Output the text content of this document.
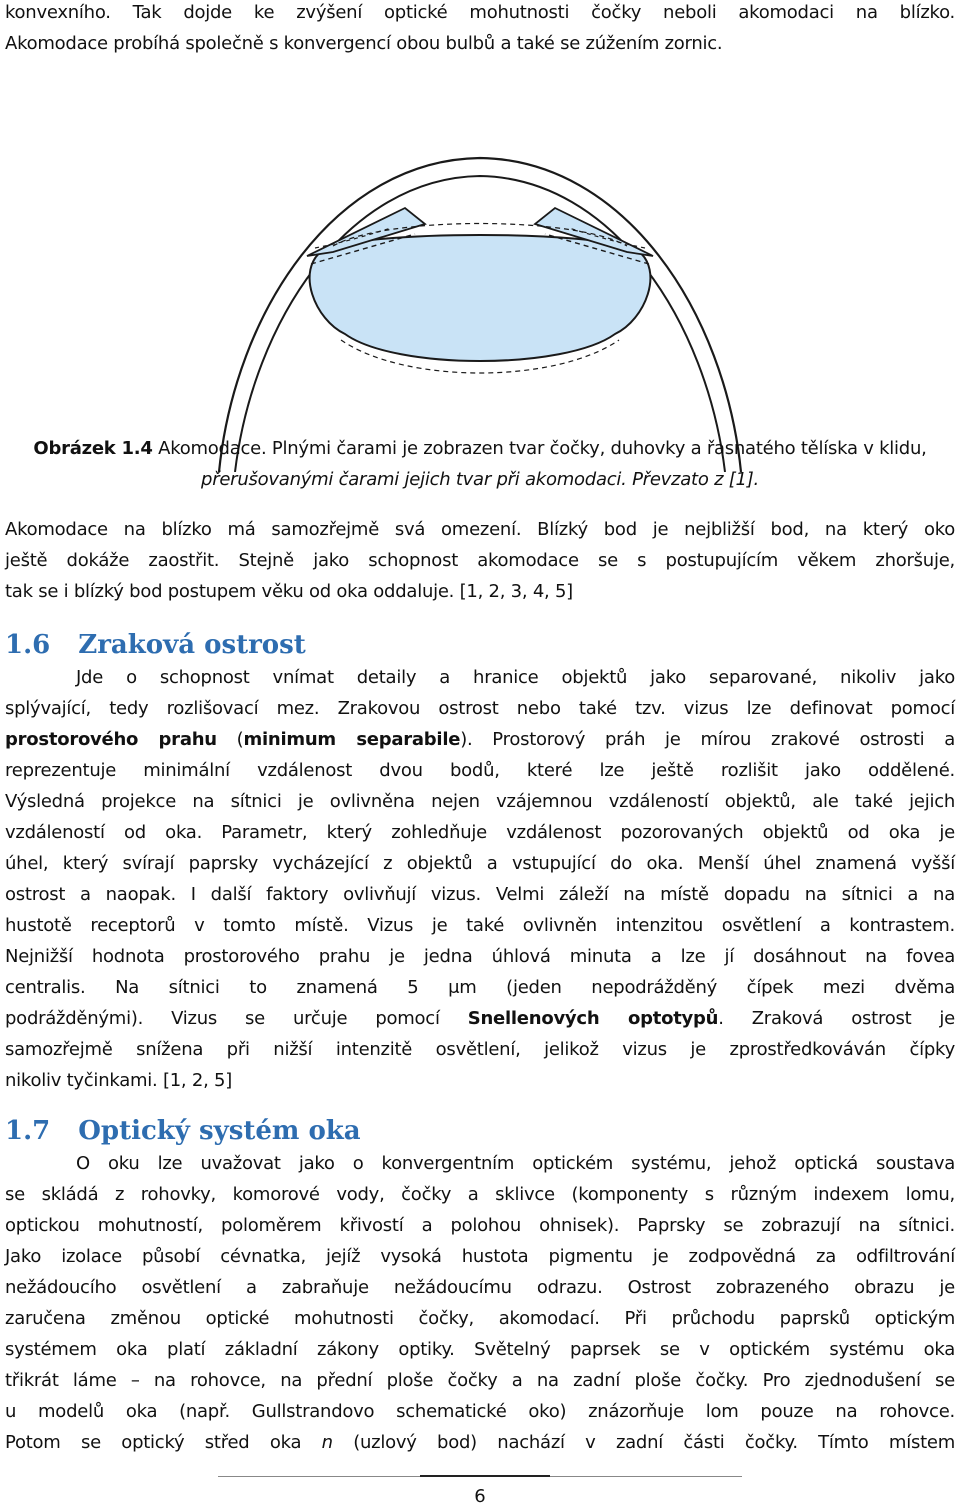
konvexního. Tak dojde ke zvýšení optické mohutnosti čočky neboli akomodaci na blízko.
Akomodace probíhá společně s konvergencí obou bulbů a také se zúžením zornic.
Obrázek 1.4 Akomodace. Plnými čarami je zobrazen tvar čočky, duhovky a řasnatého tělíska v klidu,
přerušovanými čarami jejich tvar při akomodaci. Převzato z [1].
Akomodace na blízko má samozřejmě svá omezení. Blízký bod je nejbližší bod, na který oko
ještě dokáže zaostřit. Stejně jako schopnost akomodace se s postupujícím věkem zhoršuje,
tak se i blízký bod postupem věku od oka oddaluje. [1, 2, 3, 4, 5]
1.6 Zraková ostrost
Jde o schopnost vnímat detaily a hranice objektů jako separované, nikoliv jako
splývající, tedy rozlišovací mez. Zrakovou ostrost nebo také tzv. vizus lze definovat pomocí
prostorového prahu (minimum separabile). Prostorový práh je mírou zrakové ostrosti a
reprezentuje minimální vzdálenost dvou bodů, které lze ještě rozlišit jako oddělené.
Výsledná projekce na sítnici je ovlivněna nejen vzájemnou vzdáleností objektů, ale také jejich
vzdáleností od oka. Parametr, který zohledňuje vzdálenost pozorovaných objektů od oka je
úhel, který svírají paprsky vycházející z objektů a vstupující do oka. Menší úhel znamená vyšší
ostrost a naopak. I další faktory ovlivňují vizus. Velmi záleží na místě dopadu na sítnici a na
hustotě receptorů v tomto místě. Vizus je také ovlivněn intenzitou osvětlení a kontrastem.
Nejnižší hodnota prostorového prahu je jedna úhlová minuta a lze jí dosáhnout na fovea
centralis. Na sítnici to znamená 5 μm (jeden nepodrážděný čípek mezi dvěma
podrážděnými). Vizus se určuje pomocí Snellenových optotypů. Zraková ostrost je
samozřejmě snížena při nižší intenzitě osvětlení, jelikož vizus je zprostředkováván čípky
nikoliv tyčinkami. [1, 2, 5]
1.7 Optický systém oka
O oku lze uvažovat jako o konvergentním optickém systému, jehož optická soustava
se skládá z rohovky, komorové vody, čočky a sklivce (komponenty s různým indexem lomu,
optickou mohutností, poloměrem křivostí a polohou ohnisek). Paprsky se zobrazují na sítnici.
Jako izolace působí cévnatka, jejíž vysoká hustota pigmentu je zodpovědná za odfiltrování
nežádoucího osvětlení a zabraňuje nežádoucímu odrazu. Ostrost zobrazeného obrazu je
zaručena změnou optické mohutnosti čočky, akomodací. Při průchodu paprsků optickým
systémem oka platí základní zákony optiky. Světelný paprsek se v optickém systému oka
třikrát láme – na rohovce, na přední ploše čočky a na zadní ploše čočky. Pro zjednodušení se
u modelů oka (např. Gullstrandovo schematické oko) znázorňuje lom pouze na rohovce.
Potom se optický střed oka n (uzlový bod) nachází v zadní části čočky. Tímto místem
6
